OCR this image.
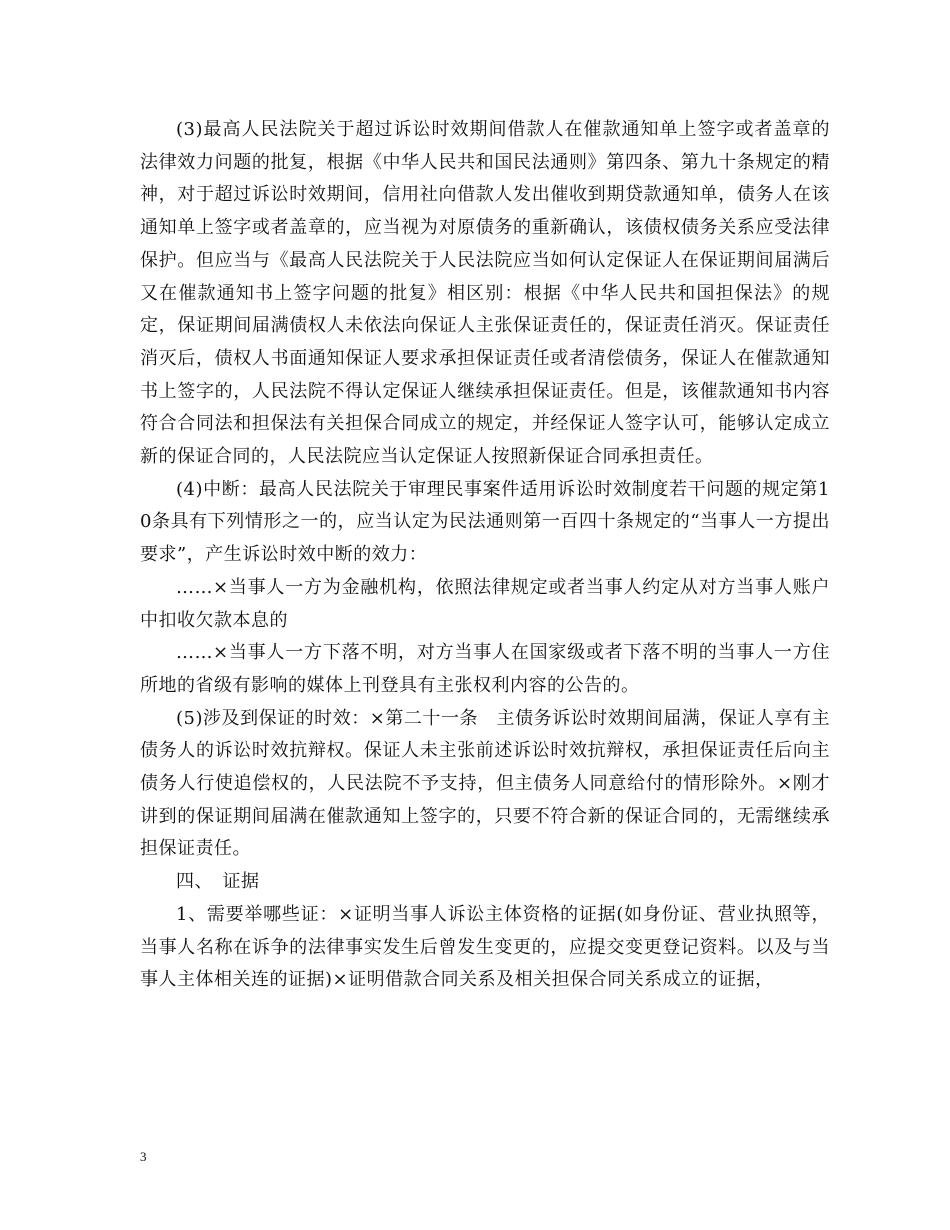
(3)最高人民法院关于超过诉讼时效期间借款人在催款通知单上签字或者盖章的法律效力问题的批复，根据《中华人民共和国民法通则》第四条、第九十条规定的精神，对于超过诉讼时效期间，信用社向借款人发出催收到期贷款通知单，债务人在该通知单上签字或者盖章的，应当视为对原债务的重新确认，该债权债务关系应受法律保护。但应当与《最高人民法院关于人民法院应当如何认定保证人在保证期间届满后又在催款通知书上签字问题的批复》相区别：根据《中华人民共和国担保法》的规定，保证期间届满债权人未依法向保证人主张保证责任的，保证责任消灭。保证责任消灭后，债权人书面通知保证人要求承担保证责任或者清偿债务，保证人在催款通知书上签字的，人民法院不得认定保证人继续承担保证责任。但是，该催款通知书内容符合合同法和担保法有关担保合同成立的规定，并经保证人签字认可，能够认定成立新的保证合同的，人民法院应当认定保证人按照新保证合同承担责任。

(4)中断：最高人民法院关于审理民事案件适用诉讼时效制度若干问题的规定第10条具有下列情形之一的，应当认定为民法通则第一百四十条规定的“当事人一方提出要求”，产生诉讼时效中断的效力：

……×当事人一方为金融机构，依照法律规定或者当事人约定从对方当事人账户中扣收欠款本息的

……×当事人一方下落不明，对方当事人在国家级或者下落不明的当事人一方住所地的省级有影响的媒体上刊登具有主张权利内容的公告的。

(5)涉及到保证的时效：×第二十一条　主债务诉讼时效期间届满，保证人享有主债务人的诉讼时效抗辩权。保证人未主张前述诉讼时效抗辩权，承担保证责任后向主债务人行使追偿权的，人民法院不予支持，但主债务人同意给付的情形除外。×刚才讲到的保证期间届满在催款通知上签字的，只要不符合新的保证合同的，无需继续承担保证责任。

四、　证据

1、需要举哪些证：×证明当事人诉讼主体资格的证据(如身份证、营业执照等，当事人名称在诉争的法律事实发生后曾发生变更的，应提交变更登记资料。以及与当事人主体相关连的证据)×证明借款合同关系及相关担保合同关系成立的证据，

3
